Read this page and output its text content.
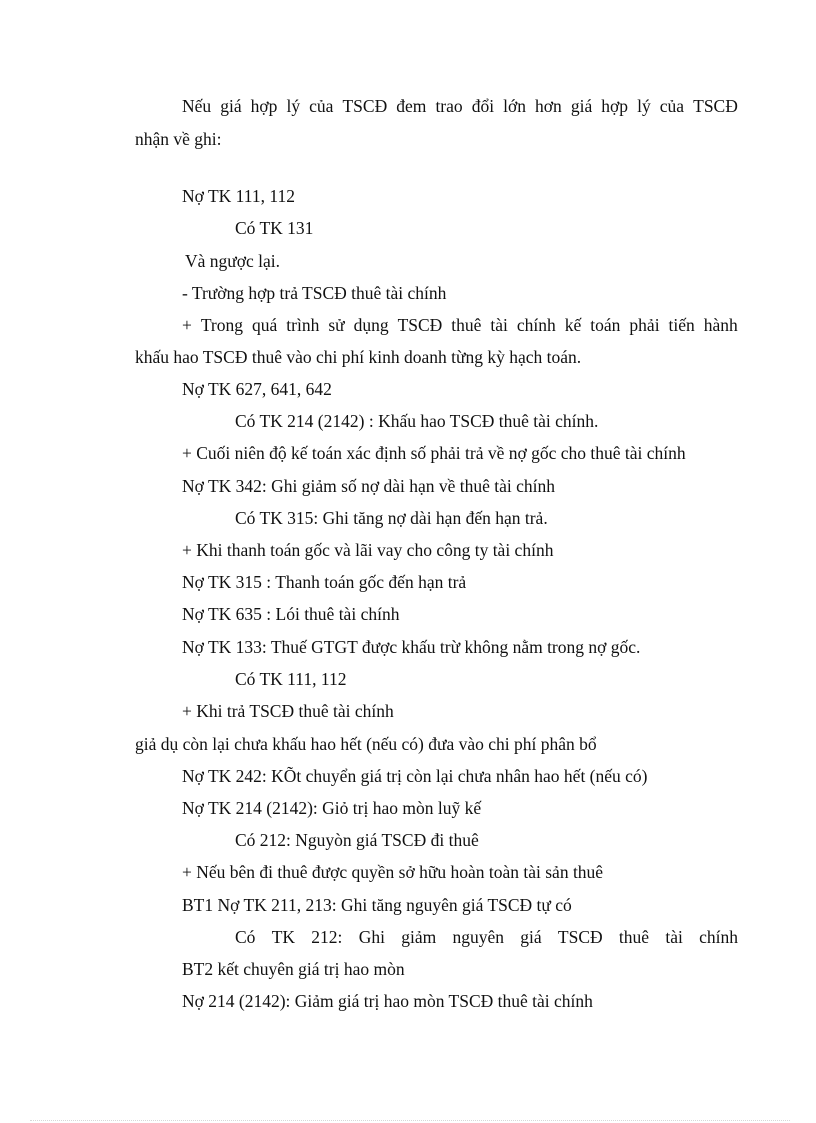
Nếu giá hợp lý của TSCĐ đem trao đổi lớn hơn giá hợp lý của TSCĐ

nhận về ghi:

Nợ TK 111, 112

Có TK 131

Và ngược lại.

- Trường hợp trả TSCĐ thuê tài chính

+ Trong quá trình sử dụng TSCĐ thuê tài chính kế toán phải tiến hành

khấu hao TSCĐ thuê vào chi phí kinh doanh từng kỳ hạch toán.

Nợ TK 627, 641, 642

Có TK 214 (2142) : Khấu hao TSCĐ thuê tài chính.

+ Cuối niên độ kế toán xác định số phải trả về nợ gốc cho thuê tài chính

Nợ TK 342: Ghi giảm số nợ dài hạn về thuê tài chính

Có TK 315: Ghi tăng nợ dài hạn đến hạn trả.

+ Khi thanh toán gốc và lãi vay cho công ty tài chính

Nợ TK 315 : Thanh toán gốc đến hạn trả

Nợ TK 635 : Lói thuê tài chính

Nợ TK 133: Thuế GTGT được khấu trừ không nằm trong nợ gốc.

Có TK 111, 112

+ Khi trả TSCĐ thuê tài chính

giả dụ còn lại chưa khấu hao hết (nếu có) đưa vào chi phí phân bổ

Nợ TK 242: KÕt chuyển giá trị còn lại chưa nhân hao hết (nếu có)

Nợ TK 214 (2142): Giỏ trị hao mòn luỹ kế

Có 212: Nguyòn giá TSCĐ đi thuê

+ Nếu bên đi thuê được quyền sở hữu hoàn toàn tài sản thuê

BT1 Nợ TK 211, 213: Ghi tăng nguyên giá TSCĐ tự có

Có TK 212: Ghi giảm nguyên giá TSCĐ thuê tài chính

BT2 kết chuyên giá trị hao mòn

Nợ 214 (2142): Giảm giá trị hao mòn TSCĐ thuê tài chính
